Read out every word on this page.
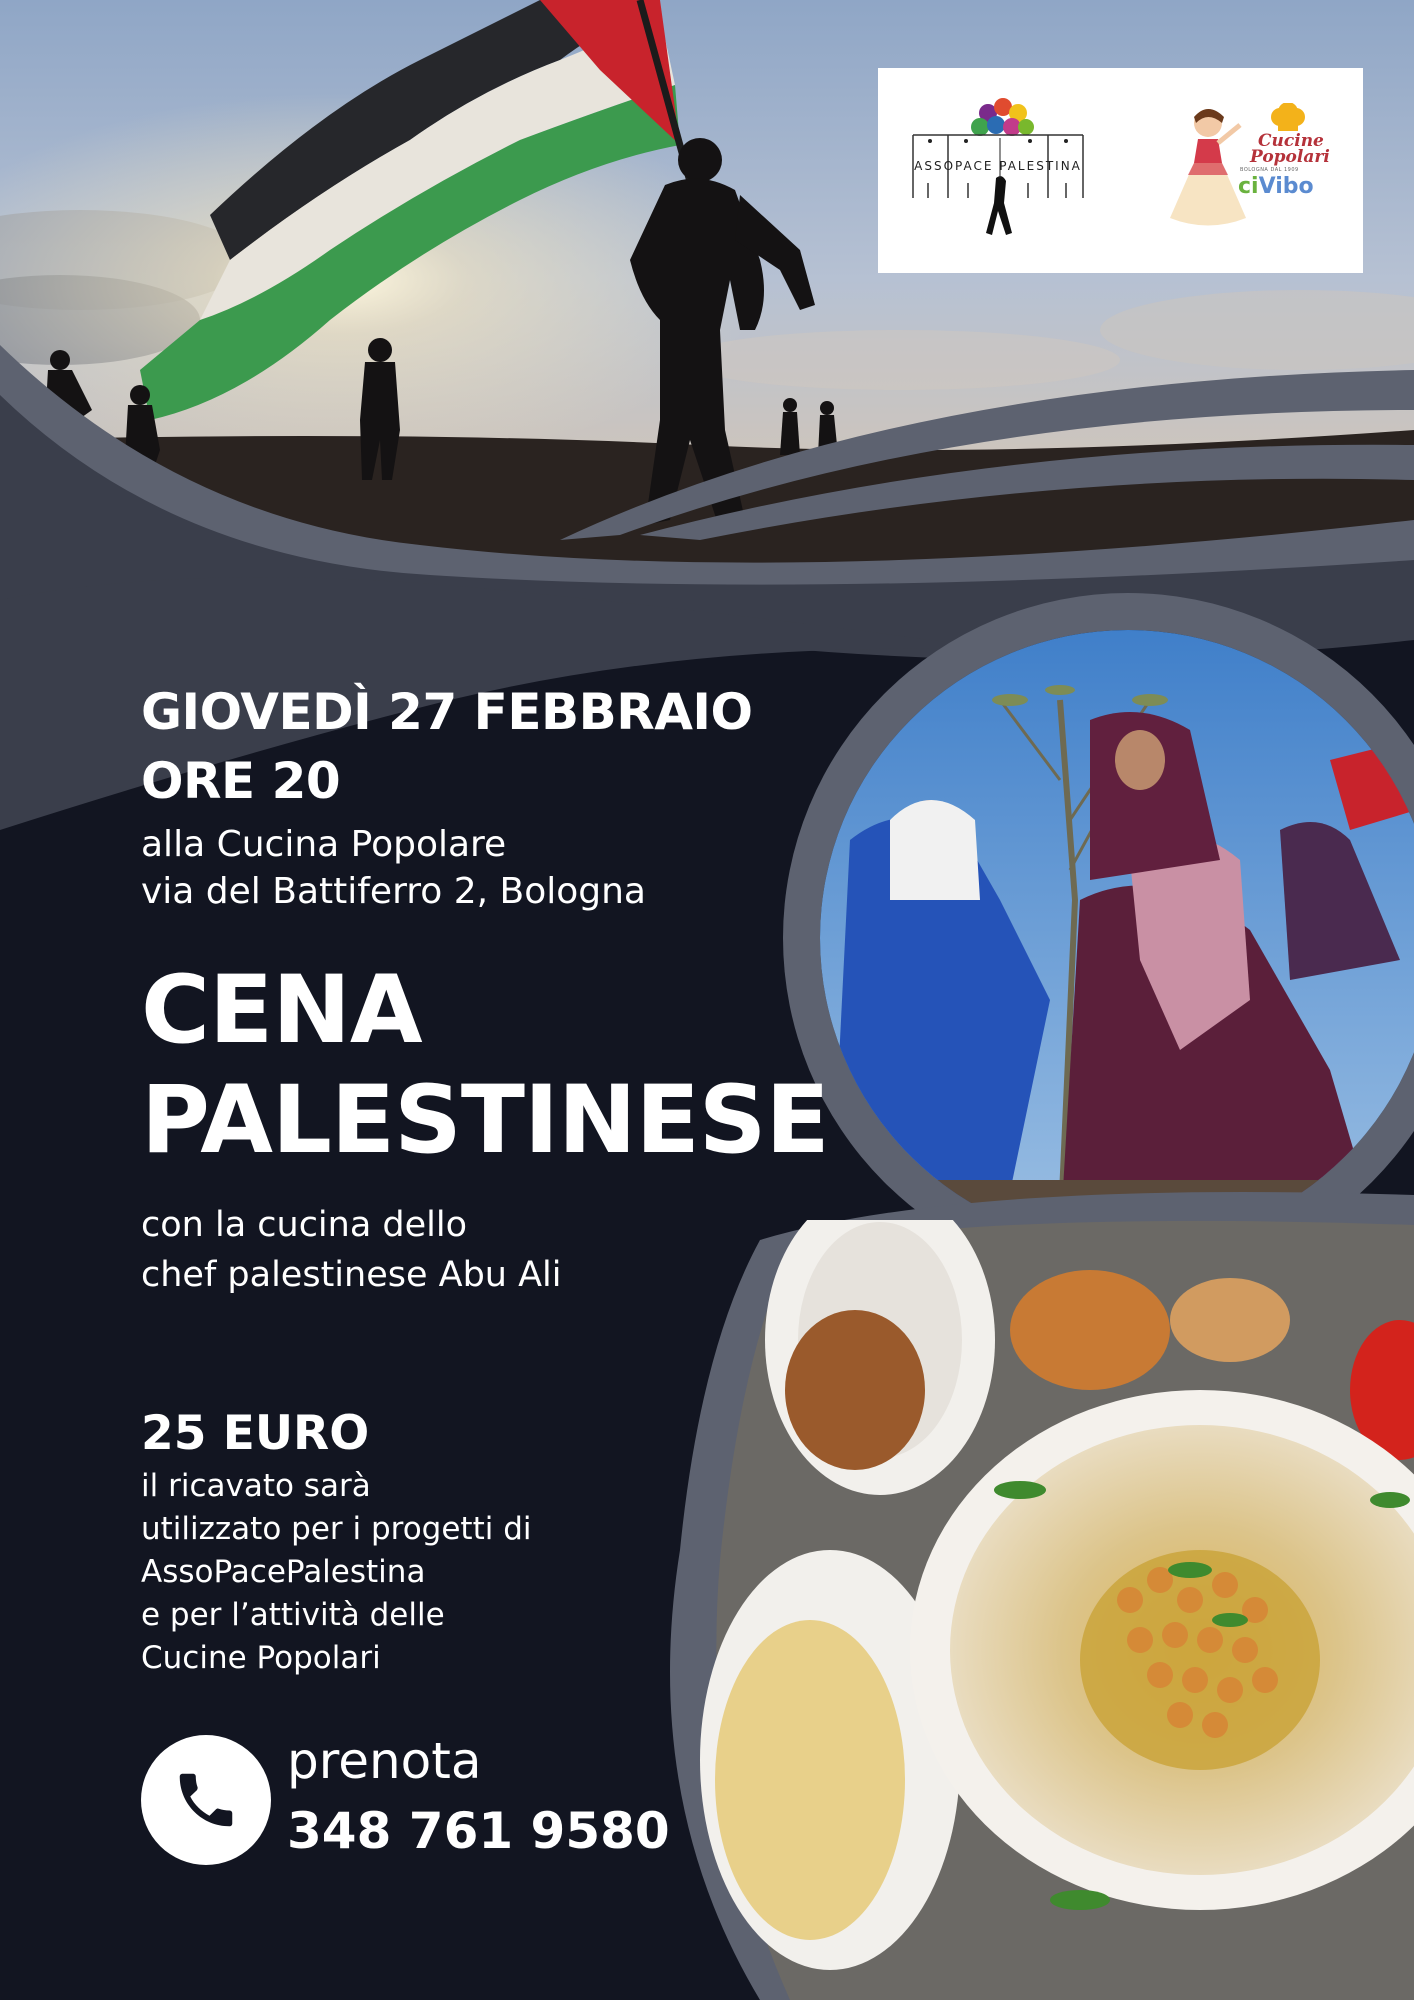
ASSOPACE PALESTINA
Cucine
Popolari
BOLOGNA DAL 1909
ciVibo
GIOVEDÌ 27 FEBBRAIO
ORE 20
alla Cucina Popolare
via del Battiferro 2, Bologna
CENA
PALESTINESE
con la cucina dello
chef palestinese Abu Ali
25 EURO
il ricavato sarà
utilizzato per i progetti di
AssoPacePalestina
e per l’attività delle
Cucine Popolari
prenota
348 761 9580
